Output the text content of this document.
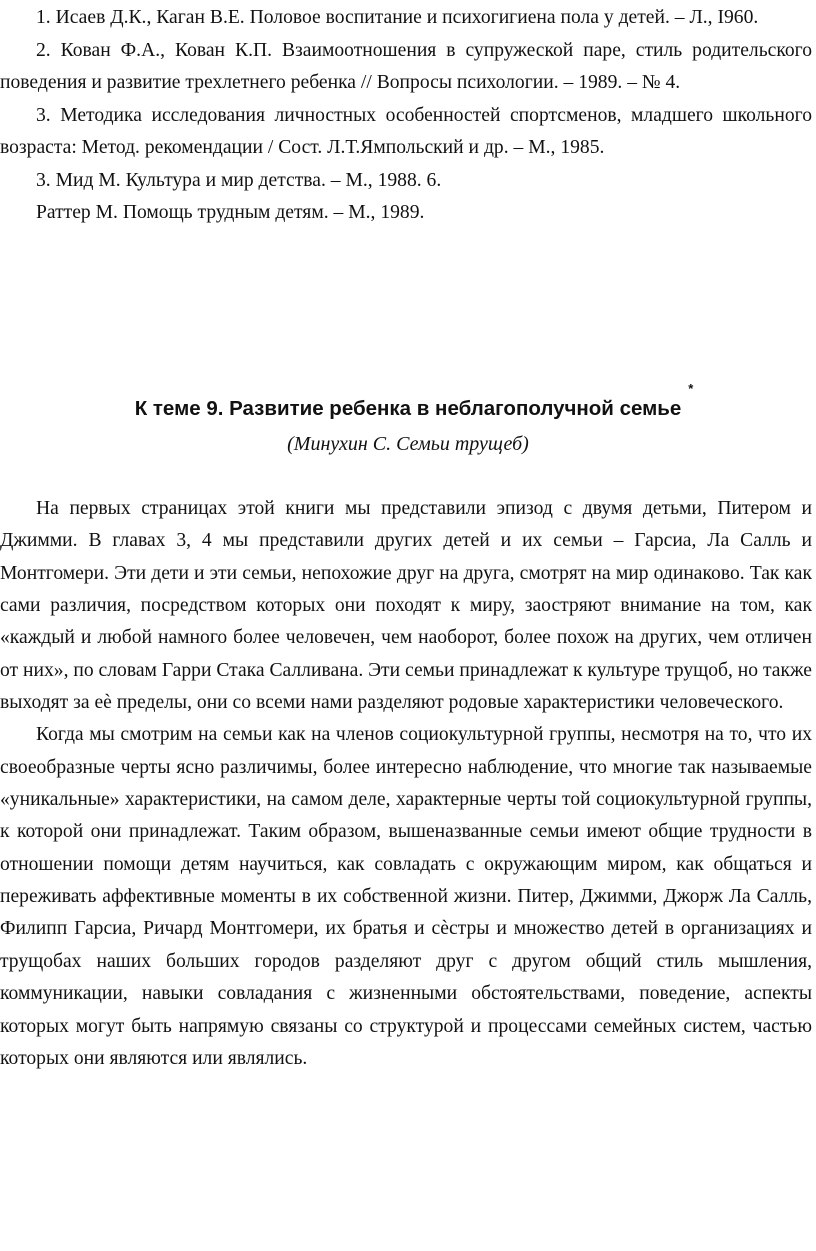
1. Исаев Д.К., Каган В.Е. Половое воспитание и психогигиена пола у детей. – Л., I960.

2. Кован Ф.А., Кован К.П. Взаимоотношения в супружеской паре, стиль родительского поведения и развитие трехлетнего ребенка // Вопросы психологии. – 1989. – № 4.

3. Методика исследования личностных особенностей спортсменов, младшего школьного возраста: Метод. рекомендации / Сост. Л.Т.Ямпольский и др. – М., 1985.

3. Мид М. Культура и мир детства. – М., 1988. 6.

Раттер М. Помощь трудным детям. – М., 1989.

К теме 9. Развитие ребенка в неблагополучной семье
*
(Минухин С. Семьи трущеб)

На первых страницах этой книги мы представили эпизод с двумя детьми, Питером и Джимми. В главах 3, 4 мы представили других детей и их семьи – Гарсиа, Ла Салль и Монтгомери. Эти дети и эти семьи, непохожие друг на друга, смотрят на мир одинаково. Так как сами различия, посредством которых они походят к миру, заостряют внимание на том, как «каждый и любой намного более человечен, чем наоборот, более похож на других, чем отличен от них», по словам Гарри Стака Салливана. Эти семьи принадлежат к культуре трущоб, но также выходят за еѐ пределы, они со всеми нами разделяют родовые характеристики человеческого.

Когда мы смотрим на семьи как на членов социокультурной группы, несмотря на то, что их своеобразные черты ясно различимы, более интересно наблюдение, что многие так называемые «уникальные» характеристики, на самом деле, характерные черты той социокультурной группы, к которой они принадлежат. Таким образом, вышеназванные семьи имеют общие трудности в отношении помощи детям научиться, как совладать с окружающим миром, как общаться и переживать аффективные моменты в их собственной жизни. Питер, Джимми, Джорж Ла Салль, Филипп Гарсиа, Ричард Монтгомери, их братья и сѐстры и множество детей в организациях и трущобах наших больших городов разделяют друг с другом общий стиль мышления, коммуникации, навыки совладания с жизненными обстоятельствами, поведение, аспекты которых могут быть напрямую связаны со структурой и процессами семейных систем, частью которых они являются или являлись.
